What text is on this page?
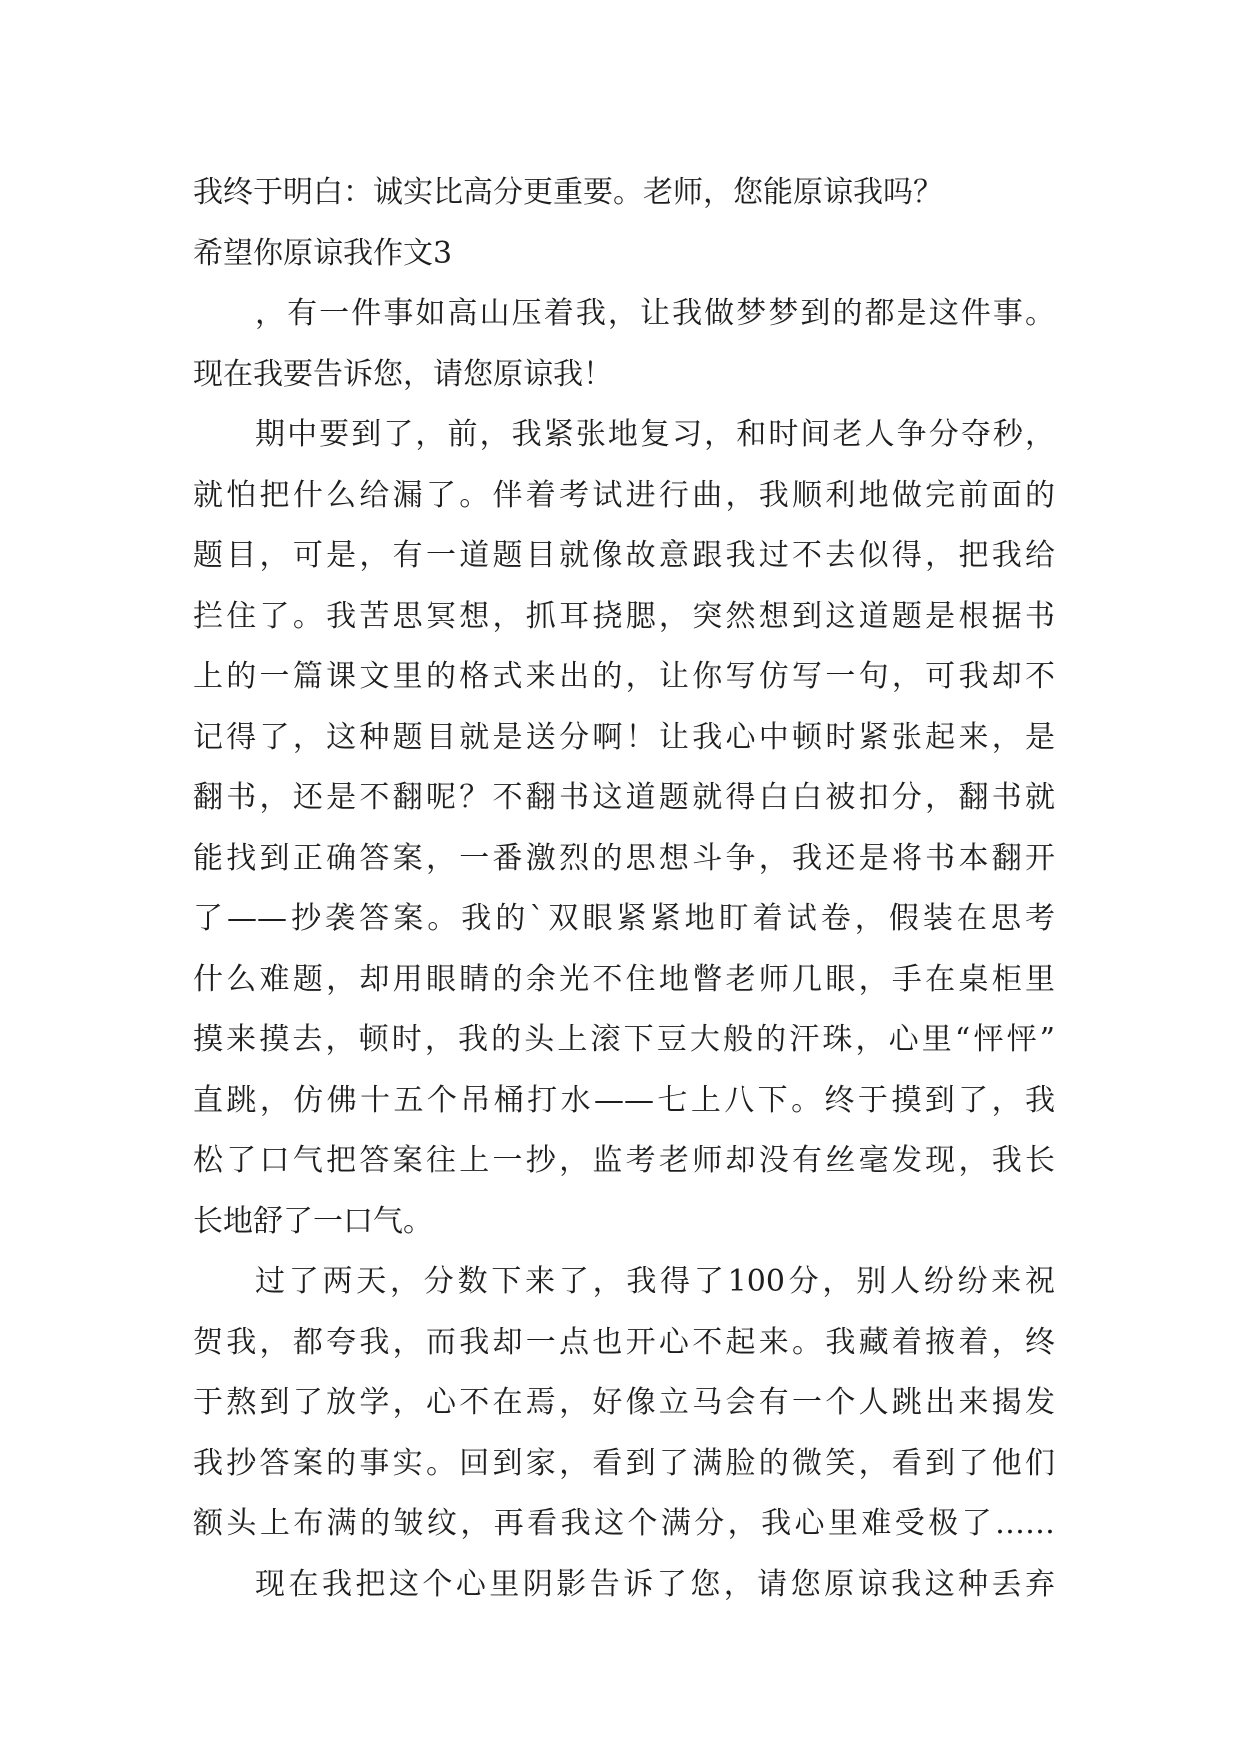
我终于明白：诚实比高分更重要。老师，您能原谅我吗？
希望你原谅我作文3
，有一件事如高山压着我，让我做梦梦到的都是这件事。
现在我要告诉您，请您原谅我！
期中要到了，前，我紧张地复习，和时间老人争分夺秒，
就怕把什么给漏了。伴着考试进行曲，我顺利地做完前面的
题目，可是，有一道题目就像故意跟我过不去似得，把我给
拦住了。我苦思冥想，抓耳挠腮，突然想到这道题是根据书
上的一篇课文里的格式来出的，让你写仿写一句，可我却不
记得了，这种题目就是送分啊！让我心中顿时紧张起来，是
翻书，还是不翻呢？不翻书这道题就得白白被扣分，翻书就
能找到正确答案，一番激烈的思想斗争，我还是将书本翻开
了——抄袭答案。我的`双眼紧紧地盯着试卷，假装在思考
什么难题，却用眼睛的余光不住地瞥老师几眼，手在桌柜里
摸来摸去，顿时，我的头上滚下豆大般的汗珠，心里“怦怦”
直跳，仿佛十五个吊桶打水——七上八下。终于摸到了，我
松了口气把答案往上一抄，监考老师却没有丝毫发现，我长
长地舒了一口气。
过了两天，分数下来了，我得了100分，别人纷纷来祝
贺我，都夸我，而我却一点也开心不起来。我藏着掖着，终
于熬到了放学，心不在焉，好像立马会有一个人跳出来揭发
我抄答案的事实。回到家，看到了满脸的微笑，看到了他们
额头上布满的皱纹，再看我这个满分，我心里难受极了……
现在我把这个心里阴影告诉了您，请您原谅我这种丢弃
